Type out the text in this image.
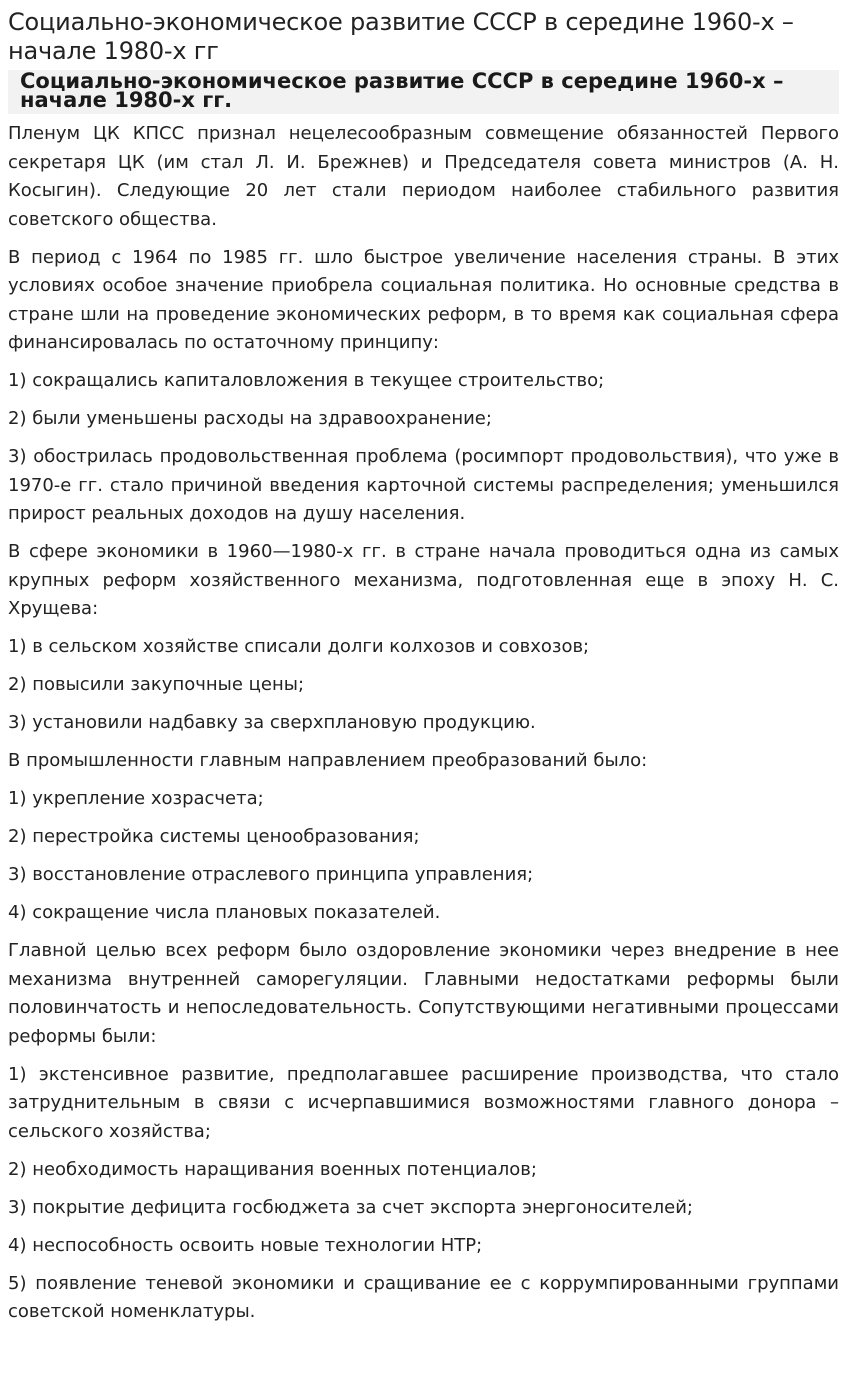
Социально-экономическое развитие СССР в середине 1960-х – начале 1980-х гг
Социально-экономическое развитие СССР в середине 1960-х – начале 1980-х гг.

Пленум ЦК КПСС признал нецелесообразным совмещение обязанностей Первого секретаря ЦК (им стал Л. И. Брежнев) и Председателя совета министров (А. Н. Косыгин). Следующие 20 лет стали периодом наиболее стабильного развития советского общества.

В период с 1964 по 1985 гг. шло быстрое увеличение населения страны. В этих условиях особое значение приобрела социальная политика. Но основные средства в стране шли на проведение экономических реформ, в то время как социальная сфера финансировалась по остаточному принципу:

1) сокращались капиталовложения в текущее строительство;

2) были уменьшены расходы на здравоохранение;

3) обострилась продовольственная проблема (росимпорт продовольствия), что уже в 1970-е гг. стало причиной введения карточной системы распределения; уменьшился прирост реальных доходов на душу населения.

В сфере экономики в 1960—1980-х гг. в стране начала проводиться одна из самых крупных реформ хозяйственного механизма, подготовленная еще в эпоху Н. С. Хрущева:

1) в сельском хозяйстве списали долги колхозов и совхозов;

2) повысили закупочные цены;

3) установили надбавку за сверхплановую продукцию.

В промышленности главным направлением преобразований было:

1) укрепление хозрасчета;

2) перестройка системы ценообразования;

3) восстановление отраслевого принципа управления;

4) сокращение числа плановых показателей.

Главной целью всех реформ было оздоровление экономики через внедрение в нее механизма внутренней саморегуляции. Главными недостатками реформы были половинчатость и непоследовательность. Сопутствующими негативными процессами реформы были:

1) экстенсивное развитие, предполагавшее расширение производства, что стало затруднительным в связи с исчерпавшимися возможностями главного донора – сельского хозяйства;

2) необходимость наращивания военных потенциалов;

3) покрытие дефицита госбюджета за счет экспорта энергоносителей;

4) неспособность освоить новые технологии НТР;

5) появление теневой экономики и сращивание ее с коррумпированными группами советской номенклатуры.
